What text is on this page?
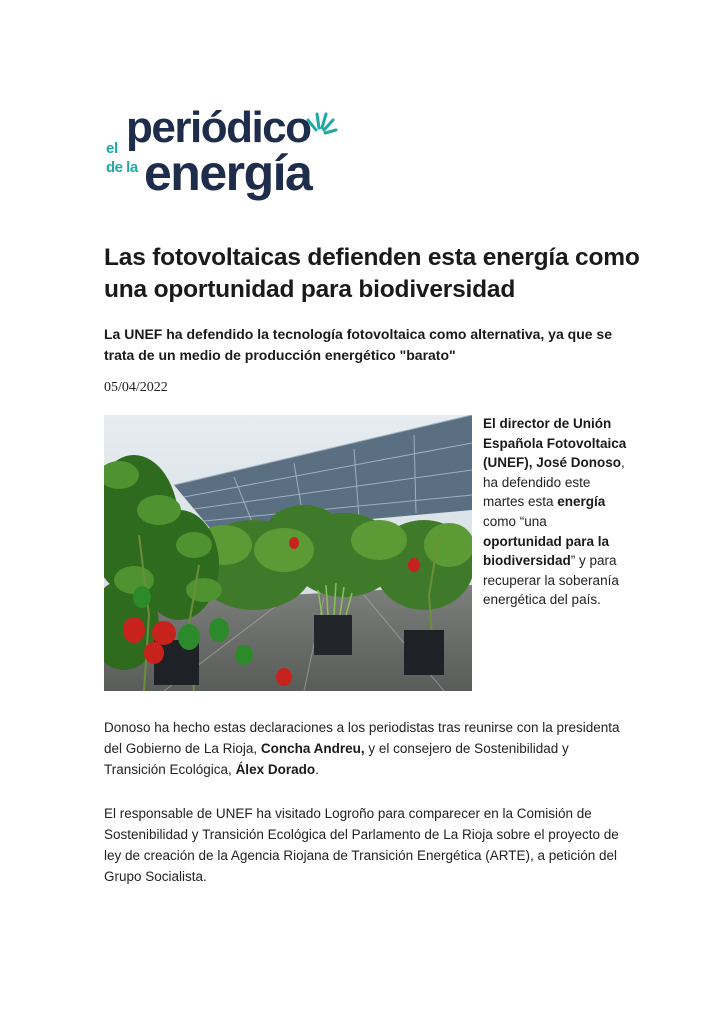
el
de la
periódico
energía
Las fotovoltaicas defienden esta energía como una oportunidad para biodiversidad

La UNEF ha defendido la tecnología fotovoltaica como alternativa, ya que se trata de un medio de producción energético "barato"

05/04/2022
El director de Unión Española Fotovoltaica (UNEF), José Donoso, ha defendido este martes esta energía como “una oportunidad para la biodiversidad” y para recuperar la soberanía energética del país.

Donoso ha hecho estas declaraciones a los periodistas tras reunirse con la presidenta del Gobierno de La Rioja, Concha Andreu, y el consejero de Sostenibilidad y Transición Ecológica, Álex Dorado.

El responsable de UNEF ha visitado Logroño para comparecer en la Comisión de Sostenibilidad y Transición Ecológica del Parlamento de La Rioja sobre el proyecto de ley de creación de la Agencia Riojana de Transición Energética (ARTE), a petición del Grupo Socialista.
